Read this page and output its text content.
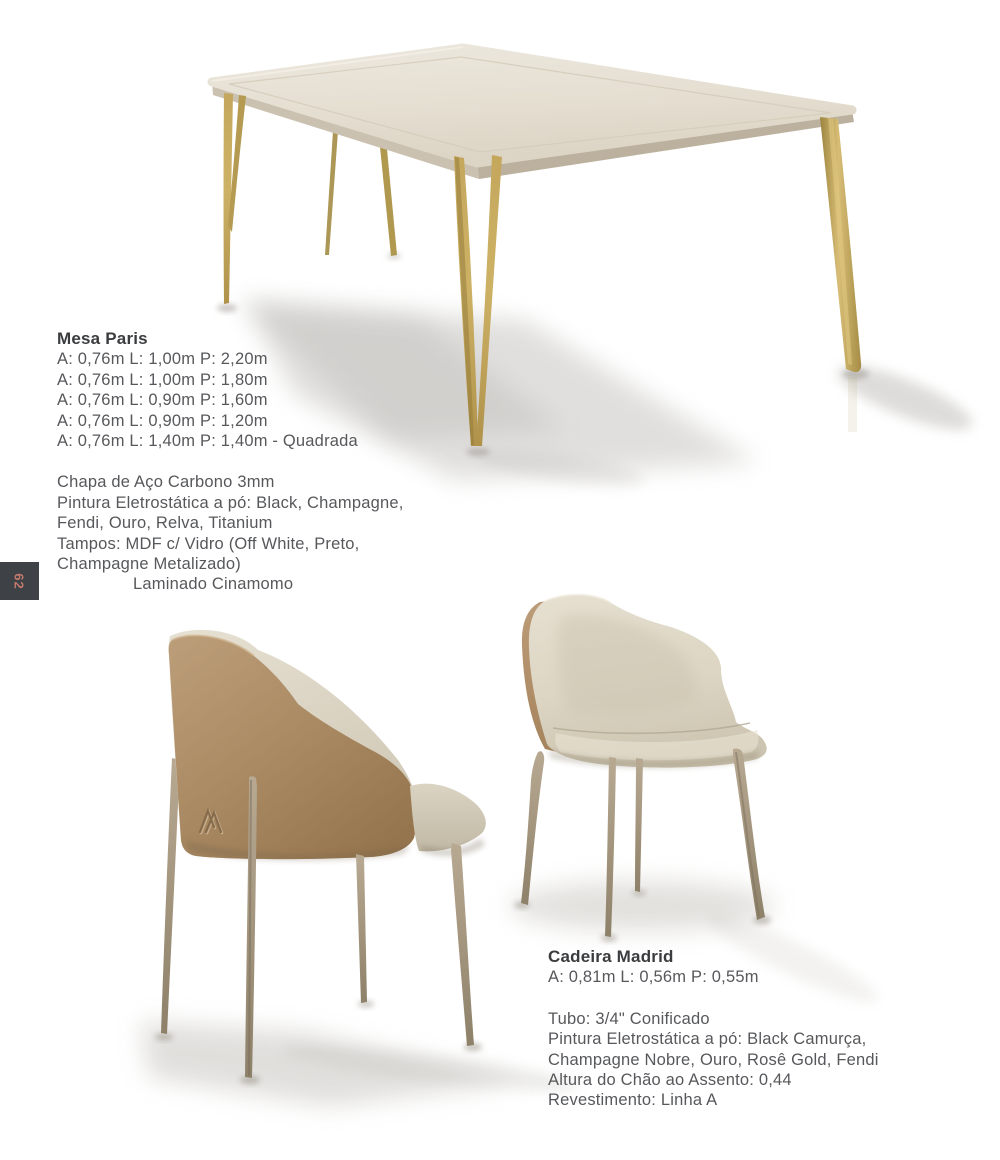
62
Mesa Paris
A: 0,76m L: 1,00m P: 2,20m
A: 0,76m L: 1,00m P: 1,80m
A: 0,76m L: 0,90m P: 1,60m
A: 0,76m L: 0,90m P: 1,20m
A: 0,76m L: 1,40m P: 1,40m - Quadrada
Chapa de Aço Carbono 3mm
Pintura Eletrostática a pó: Black, Champagne,
Fendi, Ouro, Relva, Titanium
Tampos: MDF c/ Vidro (Off White, Preto,
Champagne Metalizado)
Laminado Cinamomo
Cadeira Madrid
A: 0,81m L: 0,56m P: 0,55m
Tubo: 3/4" Conificado
Pintura Eletrostática a pó: Black Camurça,
Champagne Nobre, Ouro, Rosê Gold, Fendi
Altura do Chão ao Assento: 0,44
Revestimento: Linha A
